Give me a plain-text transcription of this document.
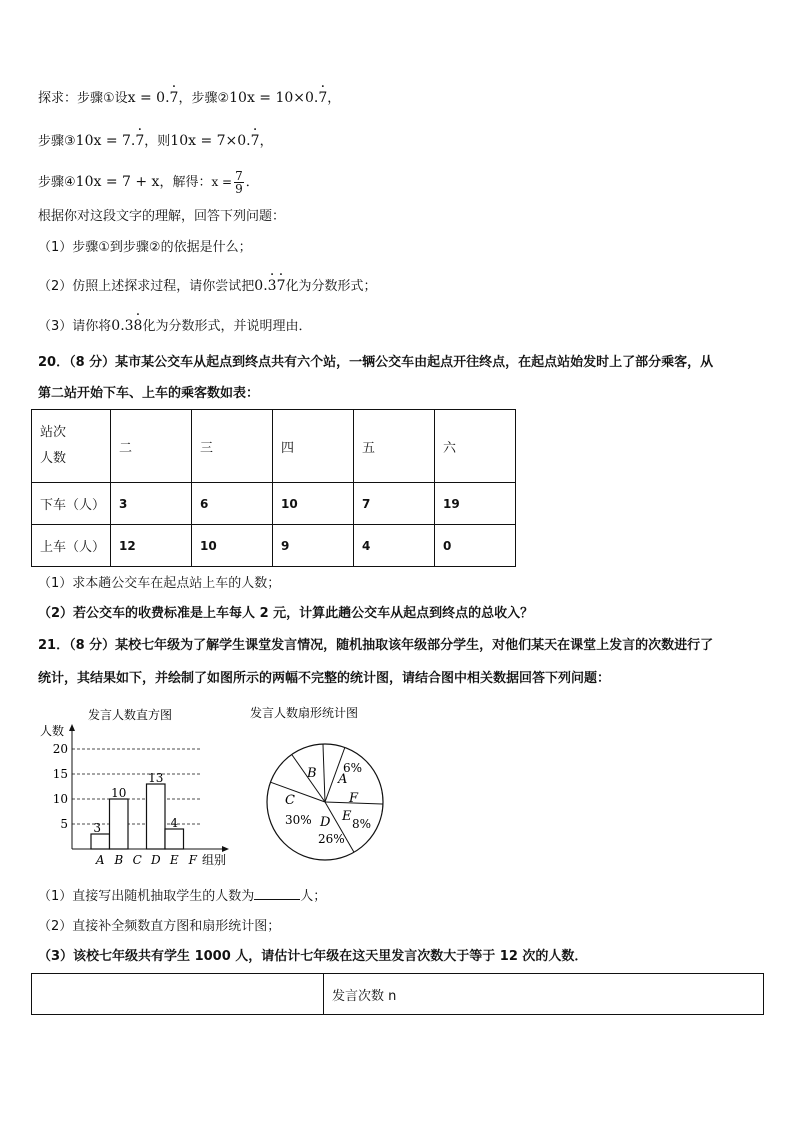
探求：步骤①设x = 0.· 7，步骤②10x = 10×0.· 7，
步骤③10x = 7.· 7，则10x = 7×0.· 7，
步骤④10x = 7 + x，解得：$x = \frac{7}{9}$ ．
根据你对这段文字的理解，回答下列问题：
（1）步骤①到步骤②的依据是什么；
（2）仿照上述探求过程，请你尝试把0.· 3· 7化为分数形式；
（3）请你将0.3· 8化为分数形式，并说明理由．
20．（8 分）某市某公交车从起点到终点共有六个站，一辆公交车由起点开往终点，在起点站始发时上了部分乘客，从
第二站开始下车、上车的乘客数如表：
站次
人数	二	三	四	五	六
下车（人）	3	6	10	7	19
上车（人）	12	10	9	4	0
（1）求本趟公交车在起点站上车的人数；
（2）若公交车的收费标准是上车每人 2 元，计算此趟公交车从起点到终点的总收入？
21．（8 分）某校七年级为了解学生课堂发言情况，随机抽取该年级部分学生，对他们某天在课堂上发言的次数进行了
统计，其结果如下，并绘制了如图所示的两幅不完整的统计图，请结合图中相关数据回答下列问题：
发言人数直方图
人数
5
10
15
20
3
10
13
4
A B C D E F 组别
发言人数扇形统计图
A
6%
B
C
30% D
26%
E 8%
F
（1）直接写出随机抽取学生的人数为	人；
（2）直接补全频数直方图和扇形统计图；
（3）该校七年级共有学生 1000 人，请估计七年级在这天里发言次数大于等于 12 次的人数．
	发言次数 n
